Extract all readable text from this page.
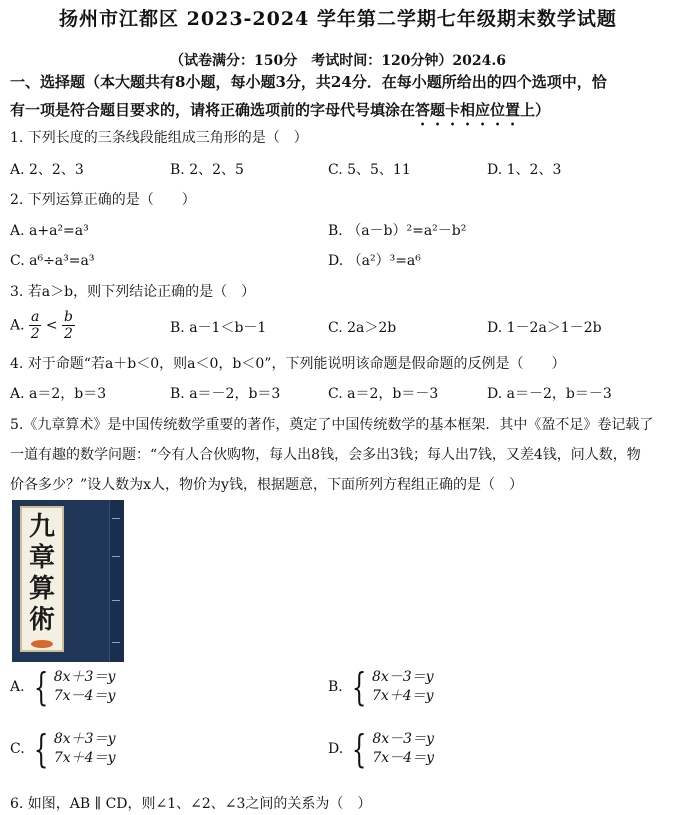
扬州市江都区 2023-2024 学年第二学期七年级期末数学试题
（试卷满分：150分　考试时间：120分钟）2024.6
一、选择题（本大题共有8小题，每小题3分，共24分．在每小题所给出的四个选项中，恰
有一项是符合题目要求的，请将正确选项前的字母代号填涂在答题卡相应位置上）
1. 下列长度的三条线段能组成三角形的是（　）
A. 2、2、3	B. 2、2、5	C. 5、5、11	D. 1、2、3
2. 下列运算正确的是（　　）
A. a+a²=a³	B. （a－b）²=a²－b²
C. a⁶÷a³=a³	D. （a²）³=a⁶
3. 若a＞b，则下列结论正确的是（　）
A. $\frac{a}{2} < \frac{b}{2}$	B. a－1＜b－1	C. 2a＞2b	D. 1－2a＞1－2b
4. 对于命题“若a＋b＜0，则a＜0，b＜0”，下列能说明该命题是假命题的反例是（　　）
A. a＝2，b＝3	B. a＝－2，b＝3	C. a＝2，b＝－3	D. a＝－2，b＝－3
5.《九章算术》是中国传统数学重要的著作，奠定了中国传统数学的基本框架．其中《盈不足》卷记载了
一道有趣的数学问题：“今有人合伙购物，每人出8钱，会多出3钱；每人出7钱，又差4钱，问人数，物
价各多少？”设人数为x人，物价为y钱，根据题意，下面所列方程组正确的是（　）
九
章
算
術
A. { 8x＋3＝y
7x－4＝y
B. { 8x－3＝y
7x＋4＝y
C. { 8x＋3＝y
7x＋4＝y
D. { 8x－3＝y
7x－4＝y
6. 如图，AB ∥ CD，则∠1、∠2、∠3之间的关系为（　）
